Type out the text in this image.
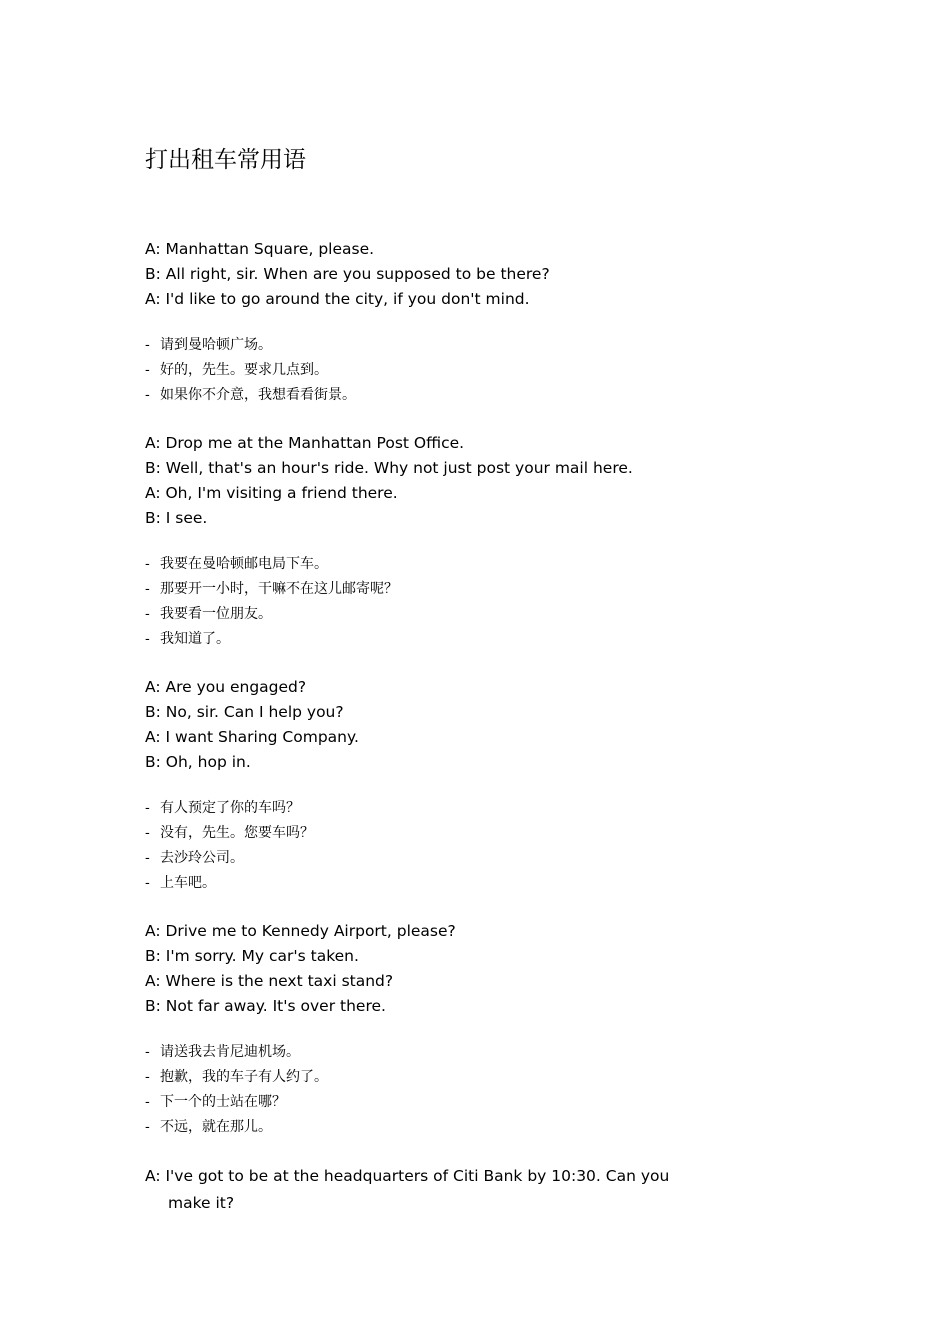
打出租车常用语
A: Manhattan Square, please.
B: All right, sir. When are you supposed to be there?
A: I'd like to go around the city, if you don't mind.
- 请到曼哈顿广场。
- 好的，先生。要求几点到。
- 如果你不介意，我想看看街景。
A: Drop me at the Manhattan Post Office.
B: Well, that's an hour's ride. Why not just post your mail here.
A: Oh, I'm visiting a friend there.
B: I see.
- 我要在曼哈顿邮电局下车。
- 那要开一小时，干嘛不在这儿邮寄呢？
- 我要看一位朋友。
- 我知道了。
A: Are you engaged?
B: No, sir. Can I help you?
A: I want Sharing Company.
B: Oh, hop in.
- 有人预定了你的车吗？
- 没有，先生。您要车吗？
- 去沙玲公司。
- 上车吧。
A: Drive me to Kennedy Airport, please?
B: I'm sorry. My car's taken.
A: Where is the next taxi stand?
B: Not far away. It's over there.
- 请送我去肯尼迪机场。
- 抱歉，我的车子有人约了。
- 下一个的士站在哪？
- 不远，就在那儿。
A: I've got to be at the headquarters of Citi Bank by 10:30. Can you make it?
